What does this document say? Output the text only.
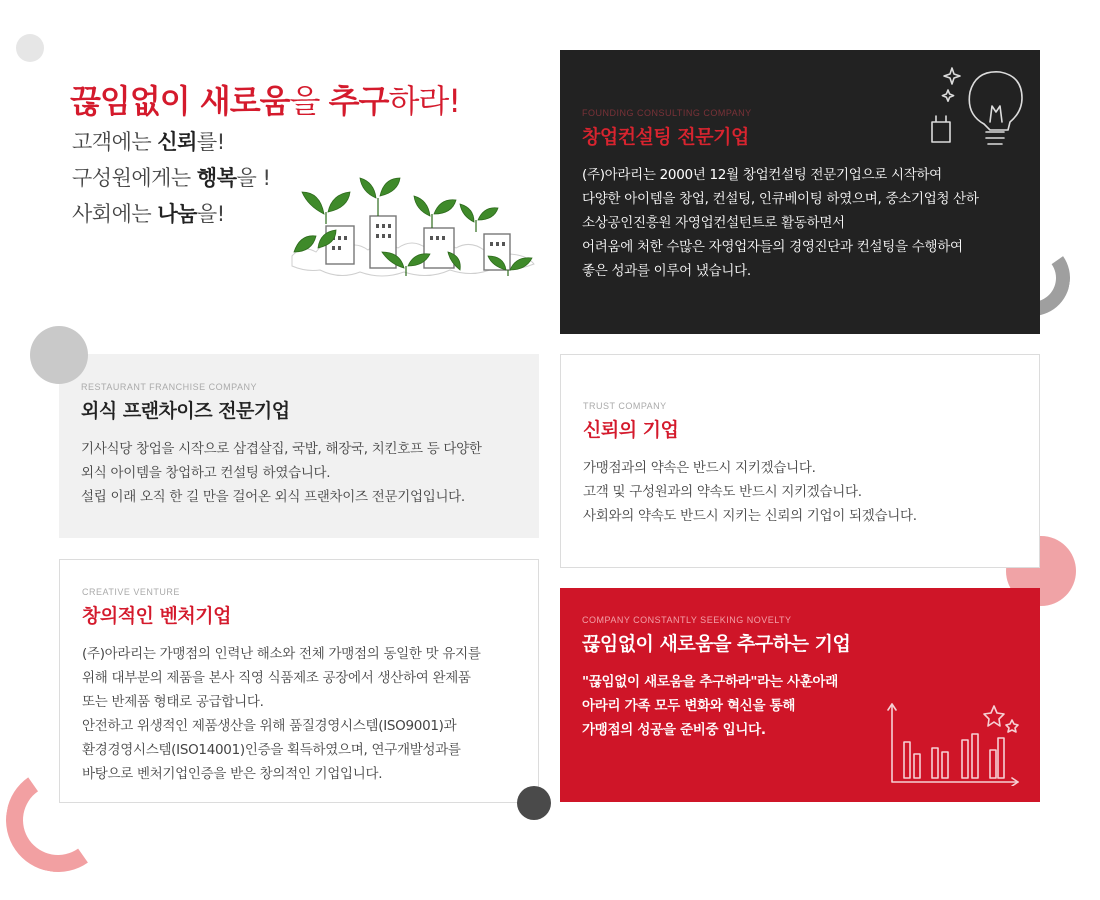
끊임없이 새로움을 추구하라!
고객에는 신뢰를!
구성원에게는 행복을 !
사회에는 나눔을!
FOUNDING CONSULTING COMPANY
창업컨설팅 전문기업
(주)아라리는 2000년 12월 창업컨설팅 전문기업으로 시작하여
다양한 아이템을 창업, 컨설팅, 인큐베이팅 하였으며, 중소기업청 산하
소상공인진흥원 자영업컨설턴트로 활동하면서
어려움에 처한 수많은 자영업자들의 경영진단과 컨설팅을 수행하여
좋은 성과를 이루어 냈습니다.
RESTAURANT FRANCHISE COMPANY
외식 프랜차이즈 전문기업
기사식당 창업을 시작으로 삼겹살집, 국밥, 해장국, 치킨호프 등 다양한
외식 아이템을 창업하고 컨설팅 하였습니다.
설립 이래 오직 한 길 만을 걸어온 외식 프랜차이즈 전문기업입니다.
TRUST COMPANY
신뢰의 기업
가맹점과의 약속은 반드시 지키겠습니다.
고객 및 구성원과의 약속도 반드시 지키겠습니다.
사회와의 약속도 반드시 지키는 신뢰의 기업이 되겠습니다.
CREATIVE VENTURE
창의적인 벤처기업
(주)아라리는 가맹점의 인력난 해소와 전체 가맹점의 동일한 맛 유지를
위해 대부분의 제품을 본사 직영 식품제조 공장에서 생산하여 완제품
또는 반제품 형태로 공급합니다.
안전하고 위생적인 제품생산을 위해 품질경영시스템(ISO9001)과
환경경영시스템(ISO14001)인증을 획득하였으며, 연구개발성과를
바탕으로 벤처기업인증을 받은 창의적인 기업입니다.
COMPANY CONSTANTLY SEEKING NOVELTY
끊임없이 새로움을 추구하는 기업
"끊임없이 새로움을 추구하라"라는 사훈아래
아라리 가족 모두 변화와 혁신을 통해
가맹점의 성공을 준비중 입니다.
